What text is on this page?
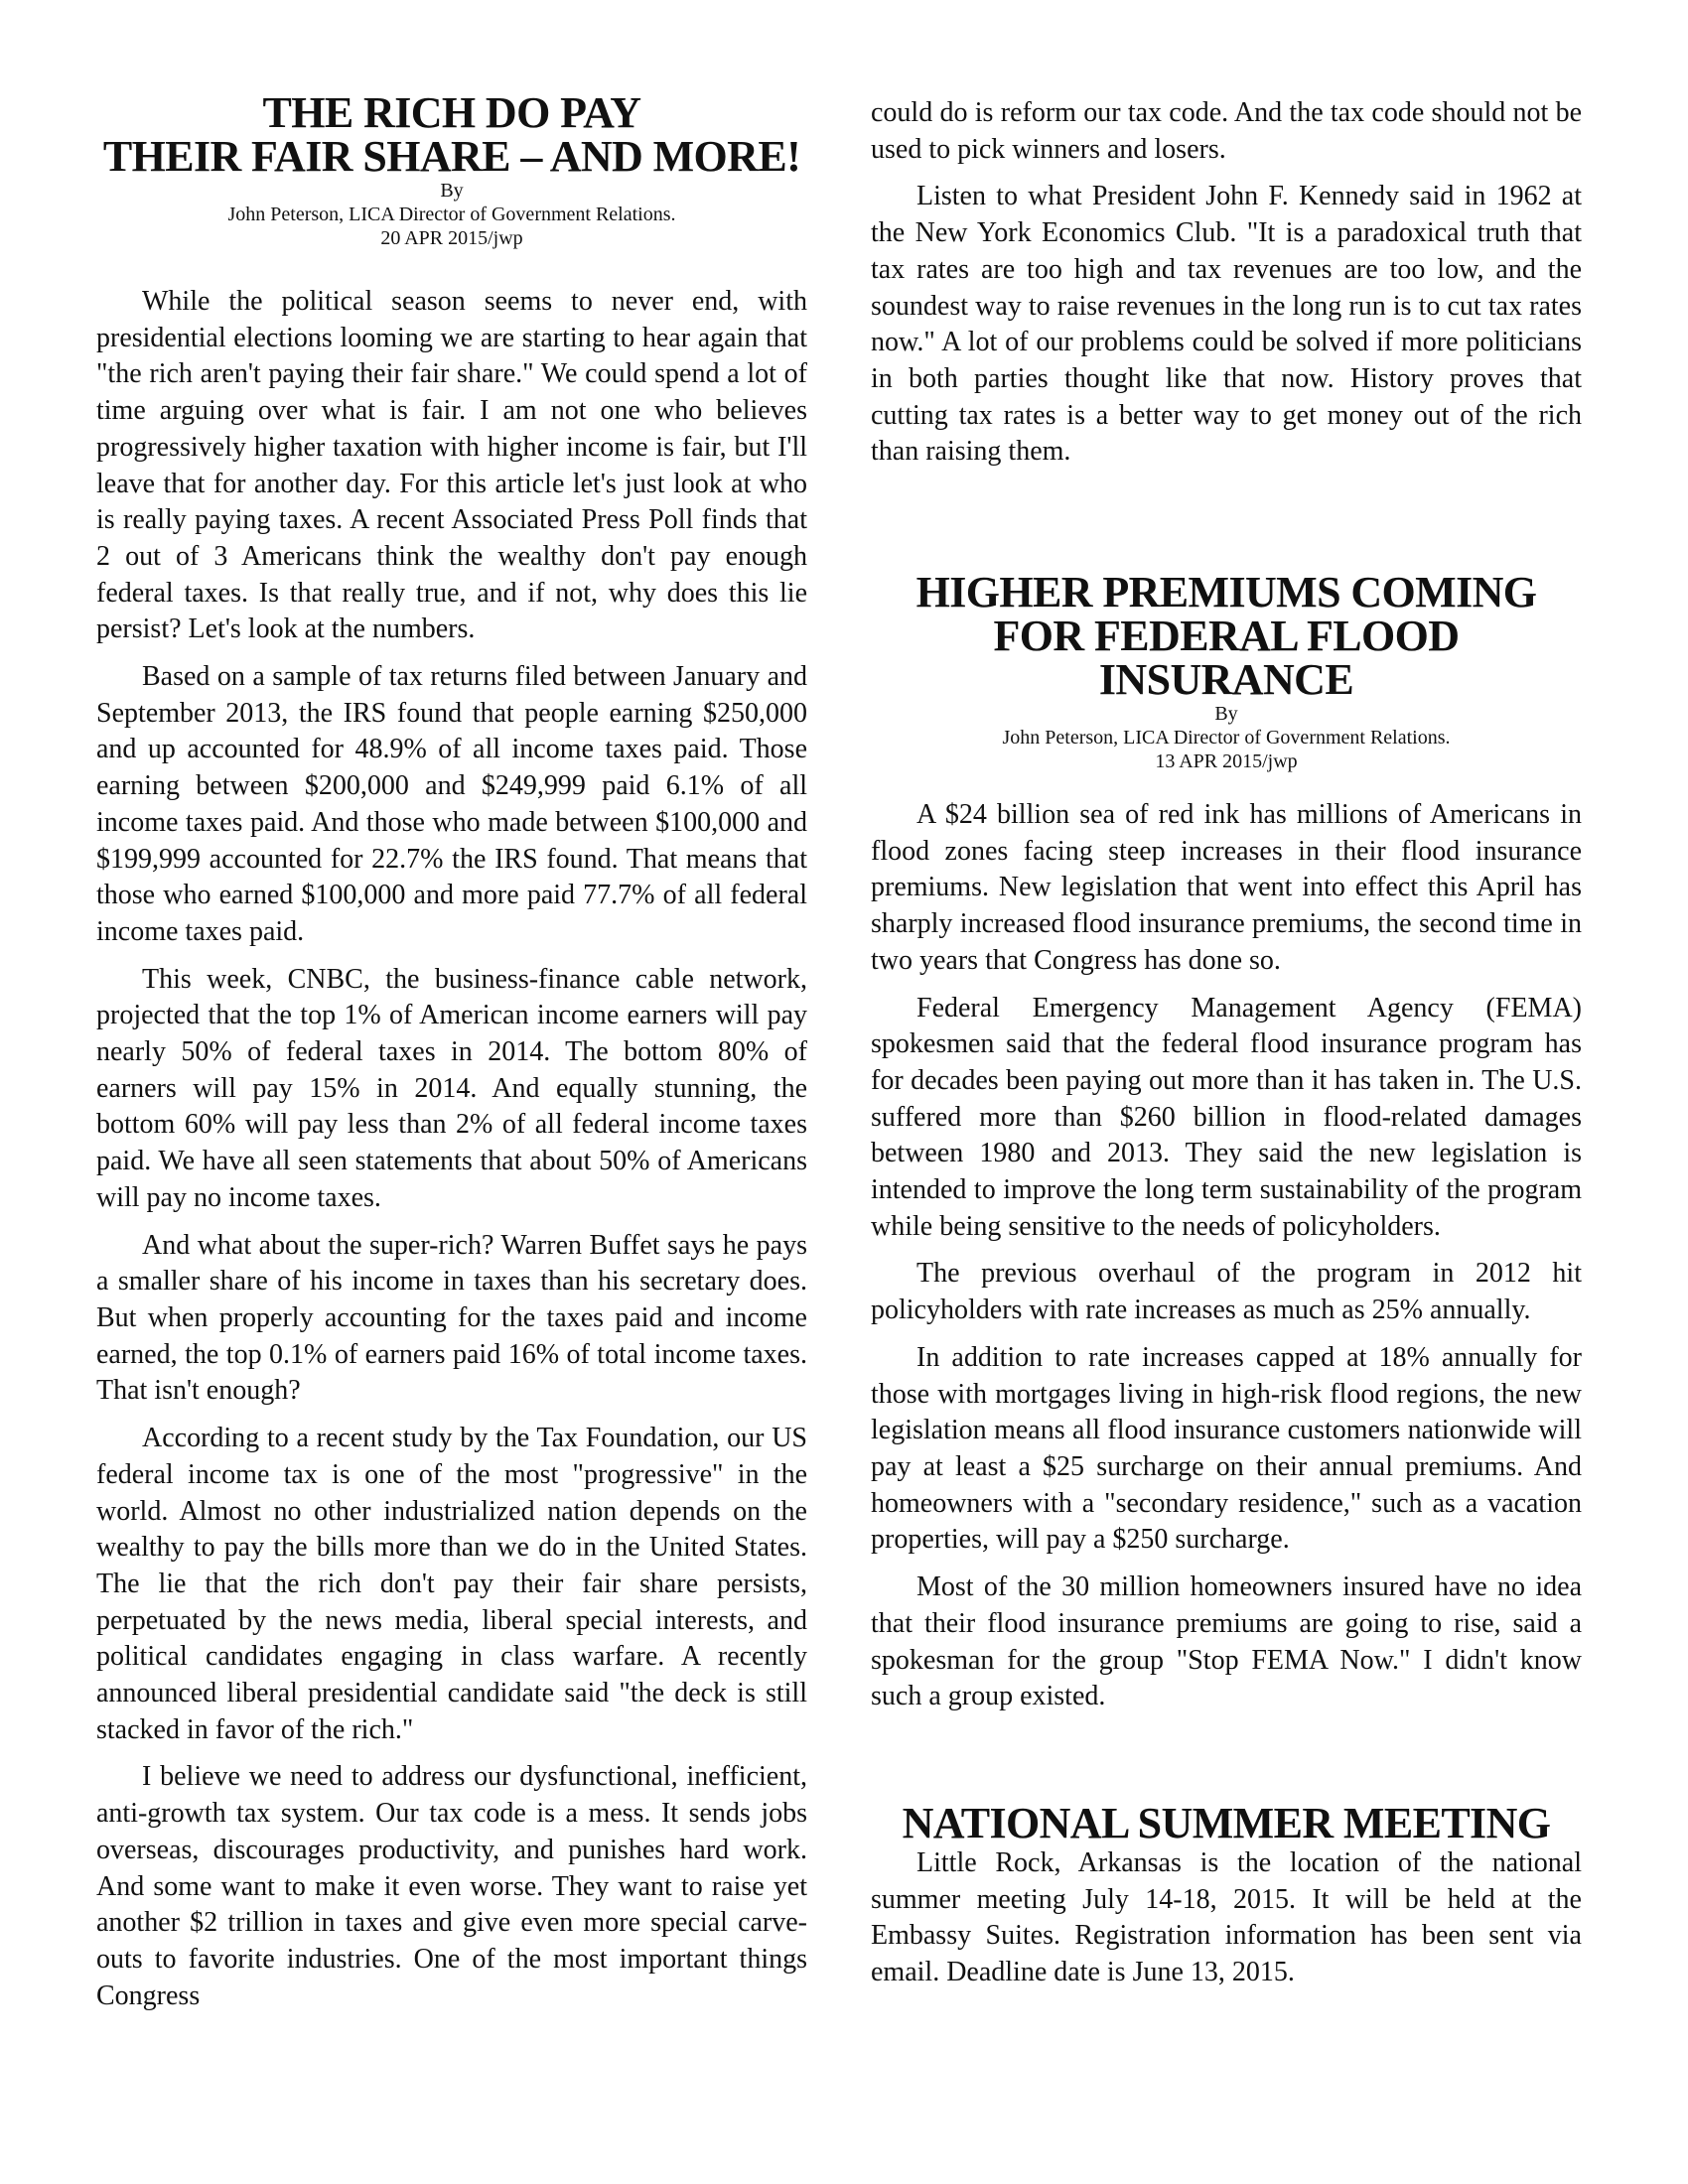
THE RICH DO PAY
THEIR FAIR SHARE – AND MORE!
By
John Peterson, LICA Director of Government Relations.
20 APR 2015/jwp

While the political season seems to never end, with presidential elections looming we are starting to hear again that "the rich aren't paying their fair share." We could spend a lot of time arguing over what is fair. I am not one who believes progressively higher taxation with higher income is fair, but I'll leave that for another day. For this article let's just look at who is really paying taxes. A recent Associated Press Poll finds that 2 out of 3 Americans think the wealthy don't pay enough federal taxes. Is that really true, and if not, why does this lie persist? Let's look at the numbers.

Based on a sample of tax returns filed between January and September 2013, the IRS found that people earning $250,000 and up accounted for 48.9% of all income taxes paid. Those earning between $200,000 and $249,999 paid 6.1% of all income taxes paid. And those who made between $100,000 and $199,999 accounted for 22.7% the IRS found. That means that those who earned $100,000 and more paid 77.7% of all federal income taxes paid.

This week, CNBC, the business-finance cable network, projected that the top 1% of American income earners will pay nearly 50% of federal taxes in 2014. The bottom 80% of earners will pay 15% in 2014. And equally stunning, the bottom 60% will pay less than 2% of all federal income taxes paid. We have all seen statements that about 50% of Americans will pay no income taxes.

And what about the super-rich? Warren Buffet says he pays a smaller share of his income in taxes than his secretary does. But when properly accounting for the taxes paid and income earned, the top 0.1% of earners paid 16% of total income taxes. That isn't enough?

According to a recent study by the Tax Foundation, our US federal income tax is one of the most "progressive" in the world. Almost no other industrialized nation depends on the wealthy to pay the bills more than we do in the United States. The lie that the rich don't pay their fair share persists, perpetuated by the news media, liberal special interests, and political candidates engaging in class warfare. A recently announced liberal presidential candidate said "the deck is still stacked in favor of the rich."

I believe we need to address our dysfunctional, inefficient, anti-growth tax system. Our tax code is a mess. It sends jobs overseas, discourages productivity, and punishes hard work. And some want to make it even worse. They want to raise yet another $2 trillion in taxes and give even more special carve-outs to favorite industries. One of the most important things Congress

could do is reform our tax code. And the tax code should not be used to pick winners and losers.

Listen to what President John F. Kennedy said in 1962 at the New York Economics Club. "It is a paradoxical truth that tax rates are too high and tax revenues are too low, and the soundest way to raise revenues in the long run is to cut tax rates now." A lot of our problems could be solved if more politicians in both parties thought like that now. History proves that cutting tax rates is a better way to get money out of the rich than raising them.

HIGHER PREMIUMS COMING
FOR FEDERAL FLOOD INSURANCE
By
John Peterson, LICA Director of Government Relations.
13 APR 2015/jwp

A $24 billion sea of red ink has millions of Americans in flood zones facing steep increases in their flood insurance premiums. New legislation that went into effect this April has sharply increased flood insurance premiums, the second time in two years that Congress has done so.

Federal Emergency Management Agency (FEMA) spokesmen said that the federal flood insurance program has for decades been paying out more than it has taken in. The U.S. suffered more than $260 billion in flood-related damages between 1980 and 2013. They said the new legislation is intended to improve the long term sustainability of the program while being sensitive to the needs of policyholders.

The previous overhaul of the program in 2012 hit policyholders with rate increases as much as 25% annually.

In addition to rate increases capped at 18% annually for those with mortgages living in high-risk flood regions, the new legislation means all flood insurance customers nationwide will pay at least a $25 surcharge on their annual premiums. And homeowners with a "secondary residence," such as a vacation properties, will pay a $250 surcharge.

Most of the 30 million homeowners insured have no idea that their flood insurance premiums are going to rise, said a spokesman for the group "Stop FEMA Now." I didn't know such a group existed.

NATIONAL SUMMER MEETING

Little Rock, Arkansas is the location of the national summer meeting July 14-18, 2015. It will be held at the Embassy Suites. Registration information has been sent via email. Deadline date is June 13, 2015.
